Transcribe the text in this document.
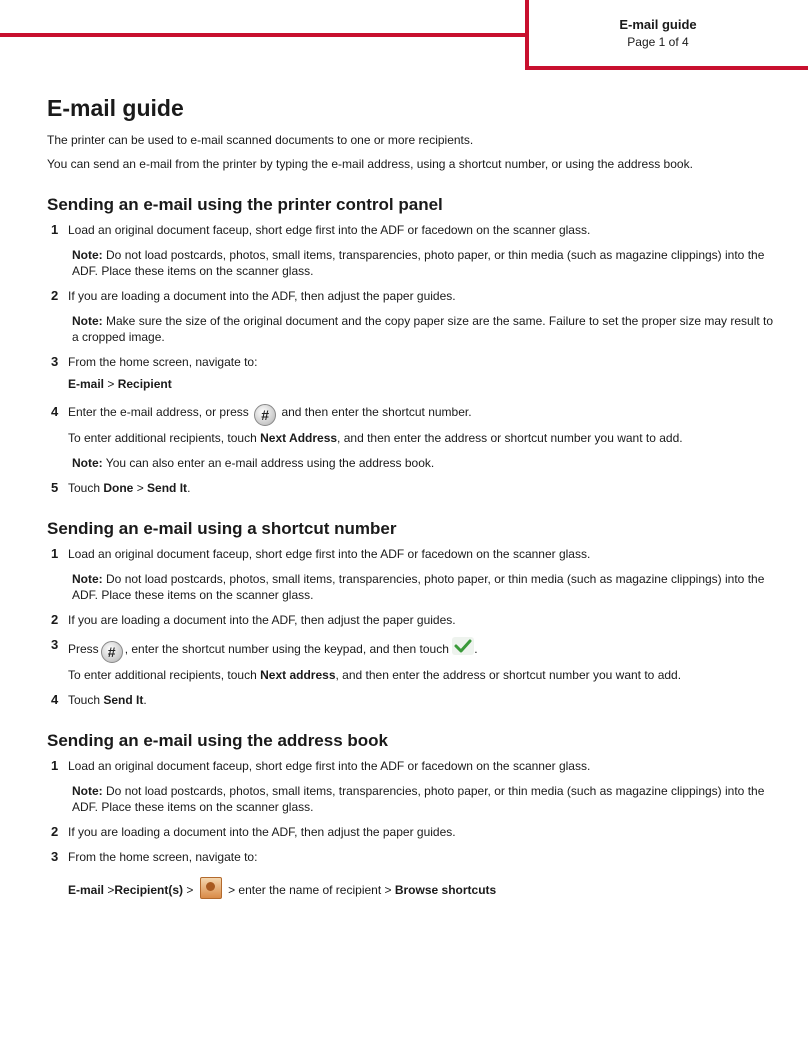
E-mail guide
Page 1 of 4
E-mail guide

The printer can be used to e-mail scanned documents to one or more recipients.

You can send an e-mail from the printer by typing the e-mail address, using a shortcut number, or using the address book.

Sending an e-mail using the printer control panel
1 Load an original document faceup, short edge first into the ADF or facedown on the scanner glass.
Note: Do not load postcards, photos, small items, transparencies, photo paper, or thin media (such as magazine clippings) into the ADF. Place these items on the scanner glass.
2 If you are loading a document into the ADF, then adjust the paper guides.
Note: Make sure the size of the original document and the copy paper size are the same. Failure to set the proper size may result to a cropped image.
3 From the home screen, navigate to:
E-mail > Recipient
4 Enter the e-mail address, or press # and then enter the shortcut number.
To enter additional recipients, touch Next Address, and then enter the address or shortcut number you want to add.
Note: You can also enter an e-mail address using the address book.
5 Touch Done > Send It.
Sending an e-mail using a shortcut number
1 Load an original document faceup, short edge first into the ADF or facedown on the scanner glass.
Note: Do not load postcards, photos, small items, transparencies, photo paper, or thin media (such as magazine clippings) into the ADF. Place these items on the scanner glass.
2 If you are loading a document into the ADF, then adjust the paper guides.
3 Press # , enter the shortcut number using the keypad, and then touch .
To enter additional recipients, touch Next address, and then enter the address or shortcut number you want to add.
4 Touch Send It.
Sending an e-mail using the address book
1 Load an original document faceup, short edge first into the ADF or facedown on the scanner glass.
Note: Do not load postcards, photos, small items, transparencies, photo paper, or thin media (such as magazine clippings) into the ADF. Place these items on the scanner glass.
2 If you are loading a document into the ADF, then adjust the paper guides.
3 From the home screen, navigate to:
E-mail >Recipient(s) >  > enter the name of recipient > Browse shortcuts
